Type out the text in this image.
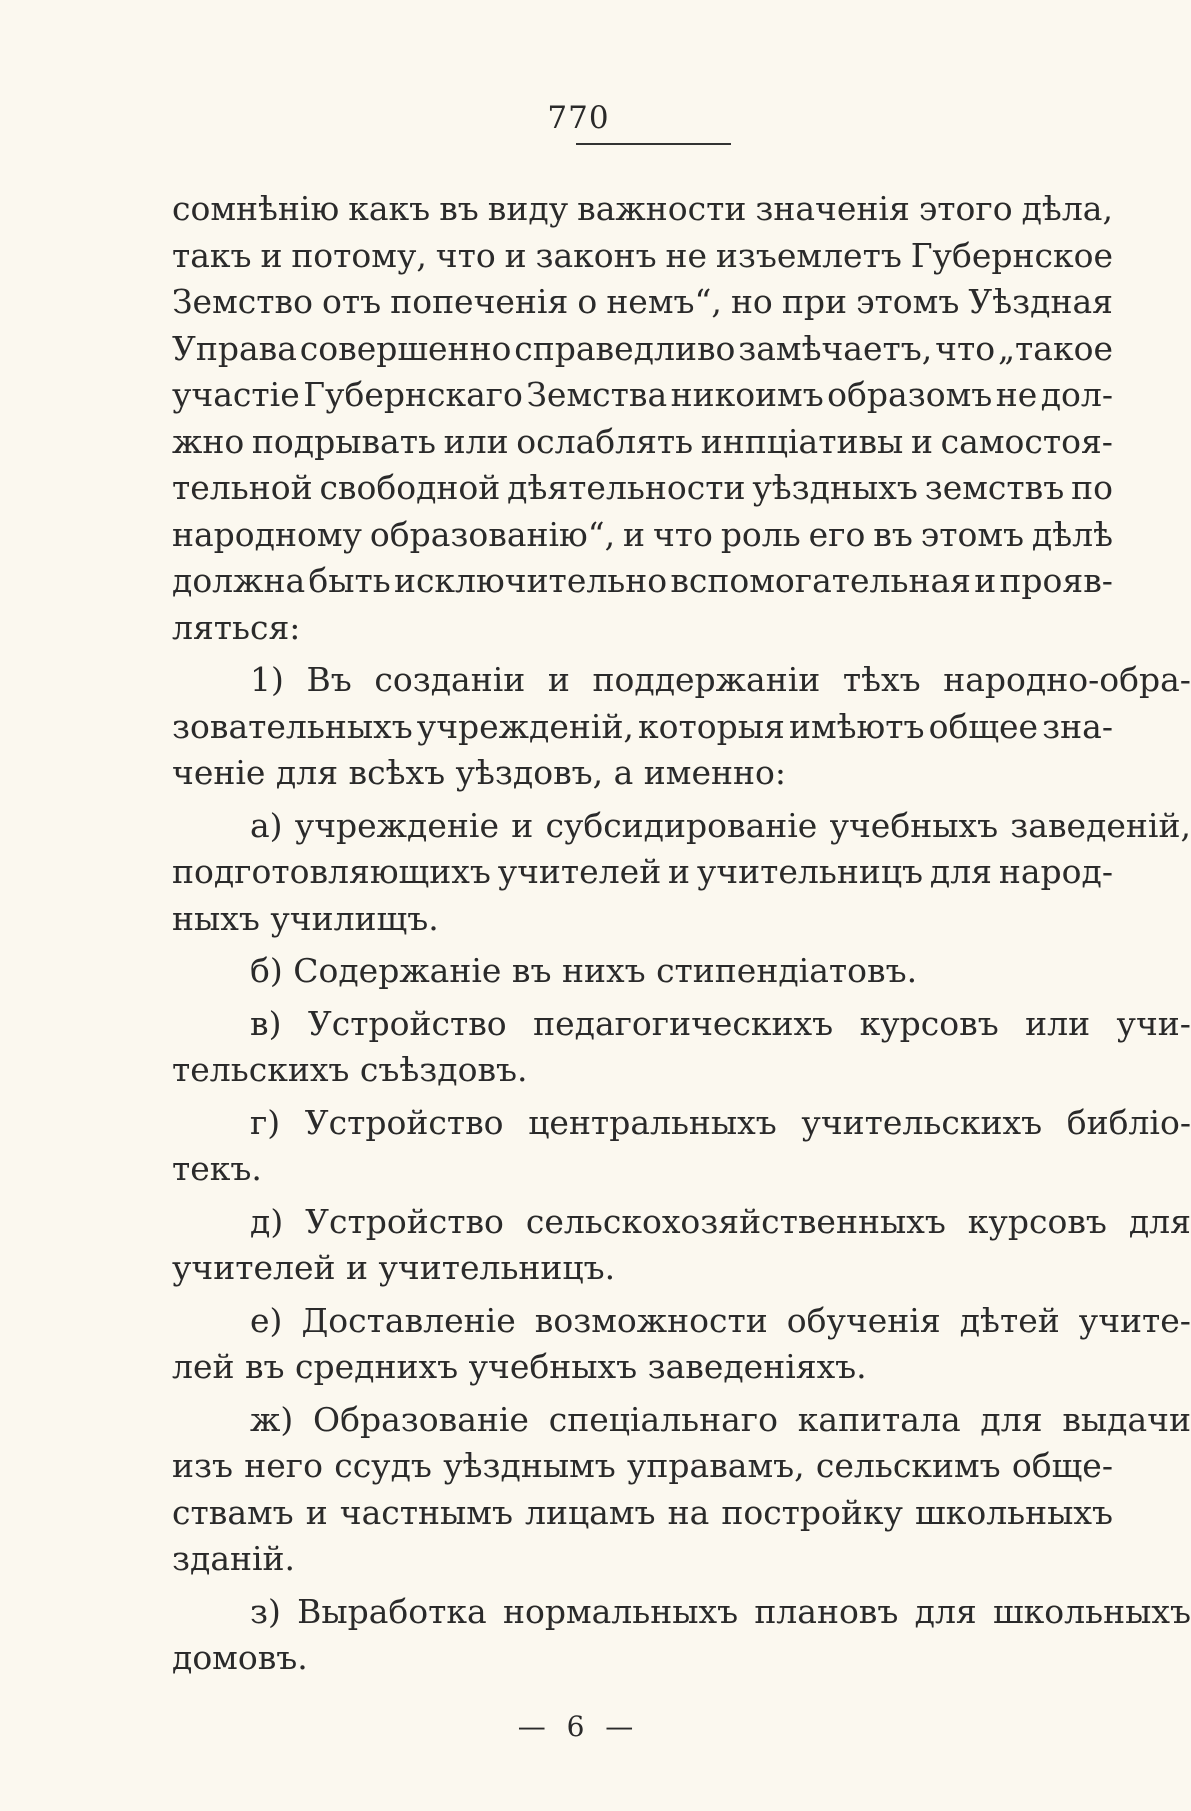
770
сомнѣнію какъ въ виду важности значенія этого дѣла,
такъ и потому, что и законъ не изъемлетъ Губернское
Земство отъ попеченія о немъ“, но при этомъ Уѣздная
Управа совершенно справедливо замѣчаетъ, что „такое
участіе Губернскаго Земства никоимъ образомъ не дол-
жно подрывать или ослаблять инпціативы и самостоя-
тельной свободной дѣятельности уѣздныхъ земствъ по
народному образованію“, и что роль его въ этомъ дѣлѣ
должна быть исключительно вспомогательная и прояв-
ляться:
1) Въ созданіи и поддержаніи тѣхъ народно-обра-
зовательныхъ учрежденій, которыя имѣютъ общее зна-
ченіе для всѣхъ уѣздовъ, а именно:
а) учрежденіе и субсидированіе учебныхъ заведеній,
подготовляющихъ учителей и учительницъ для народ-
ныхъ училищъ.
б) Содержаніе въ нихъ стипендіатовъ.
в) Устройство педагогическихъ курсовъ или учи-
тельскихъ съѣздовъ.
г) Устройство центральныхъ учительскихъ библіо-
текъ.
д) Устройство сельскохозяйственныхъ курсовъ для
учителей и учительницъ.
е) Доставленіе возможности обученія дѣтей учите-
лей въ среднихъ учебныхъ заведеніяхъ.
ж) Образованіе спеціальнаго капитала для выдачи
изъ него ссудъ уѣзднымъ управамъ, сельскимъ обще-
ствамъ и частнымъ лицамъ на постройку школьныхъ
зданій.
з) Выработка нормальныхъ плановъ для школьныхъ
домовъ.
— 6 —
